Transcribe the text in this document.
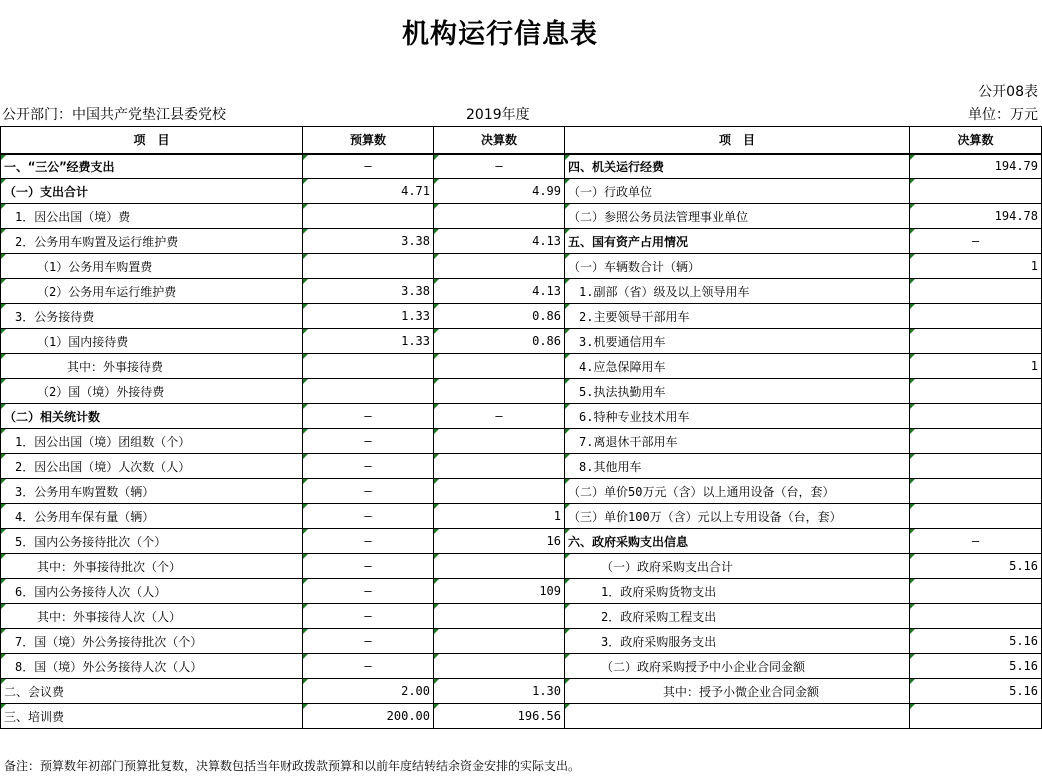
机构运行信息表
公开08表
公开部门：中国共产党垫江县委党校	2019年度	单位：万元
项　目	预算数	决算数	项　目	决算数
一、“三公”经费支出	—	—	四、机关运行经费	194.79
（一）支出合计	4.71	4.99	（一）行政单位	
1．因公出国（境）费			（二）参照公务员法管理事业单位	194.78
2．公务用车购置及运行维护费	3.38	4.13	五、国有资产占用情况	—
（1）公务用车购置费			（一）车辆数合计（辆）	1
（2）公务用车运行维护费	3.38	4.13	1.副部（省）级及以上领导用车	
3．公务接待费	1.33	0.86	2.主要领导干部用车	
（1）国内接待费	1.33	0.86	3.机要通信用车	
其中：外事接待费			4.应急保障用车	1
（2）国（境）外接待费			5.执法执勤用车	
（二）相关统计数	—	—	6.特种专业技术用车	
1．因公出国（境）团组数（个）	—		7.离退休干部用车	
2．因公出国（境）人次数（人）	—		8.其他用车	
3．公务用车购置数（辆）	—		（二）单价50万元（含）以上通用设备（台，套）	
4．公务用车保有量（辆）	—	1	（三）单价100万（含）元以上专用设备（台，套）	
5．国内公务接待批次（个）	—	16	六、政府采购支出信息	—
其中：外事接待批次（个）	—		（一）政府采购支出合计	5.16
6．国内公务接待人次（人）	—	109	1．政府采购货物支出	
其中：外事接待人次（人）	—		2．政府采购工程支出	
7．国（境）外公务接待批次（个）	—		3．政府采购服务支出	5.16
8．国（境）外公务接待人次（人）	—		（二）政府采购授予中小企业合同金额	5.16
二、会议费	2.00	1.30	其中：授予小微企业合同金额	5.16
三、培训费	200.00	196.56		
备注：预算数年初部门预算批复数，决算数包括当年财政拨款预算和以前年度结转结余资金安排的实际支出。
